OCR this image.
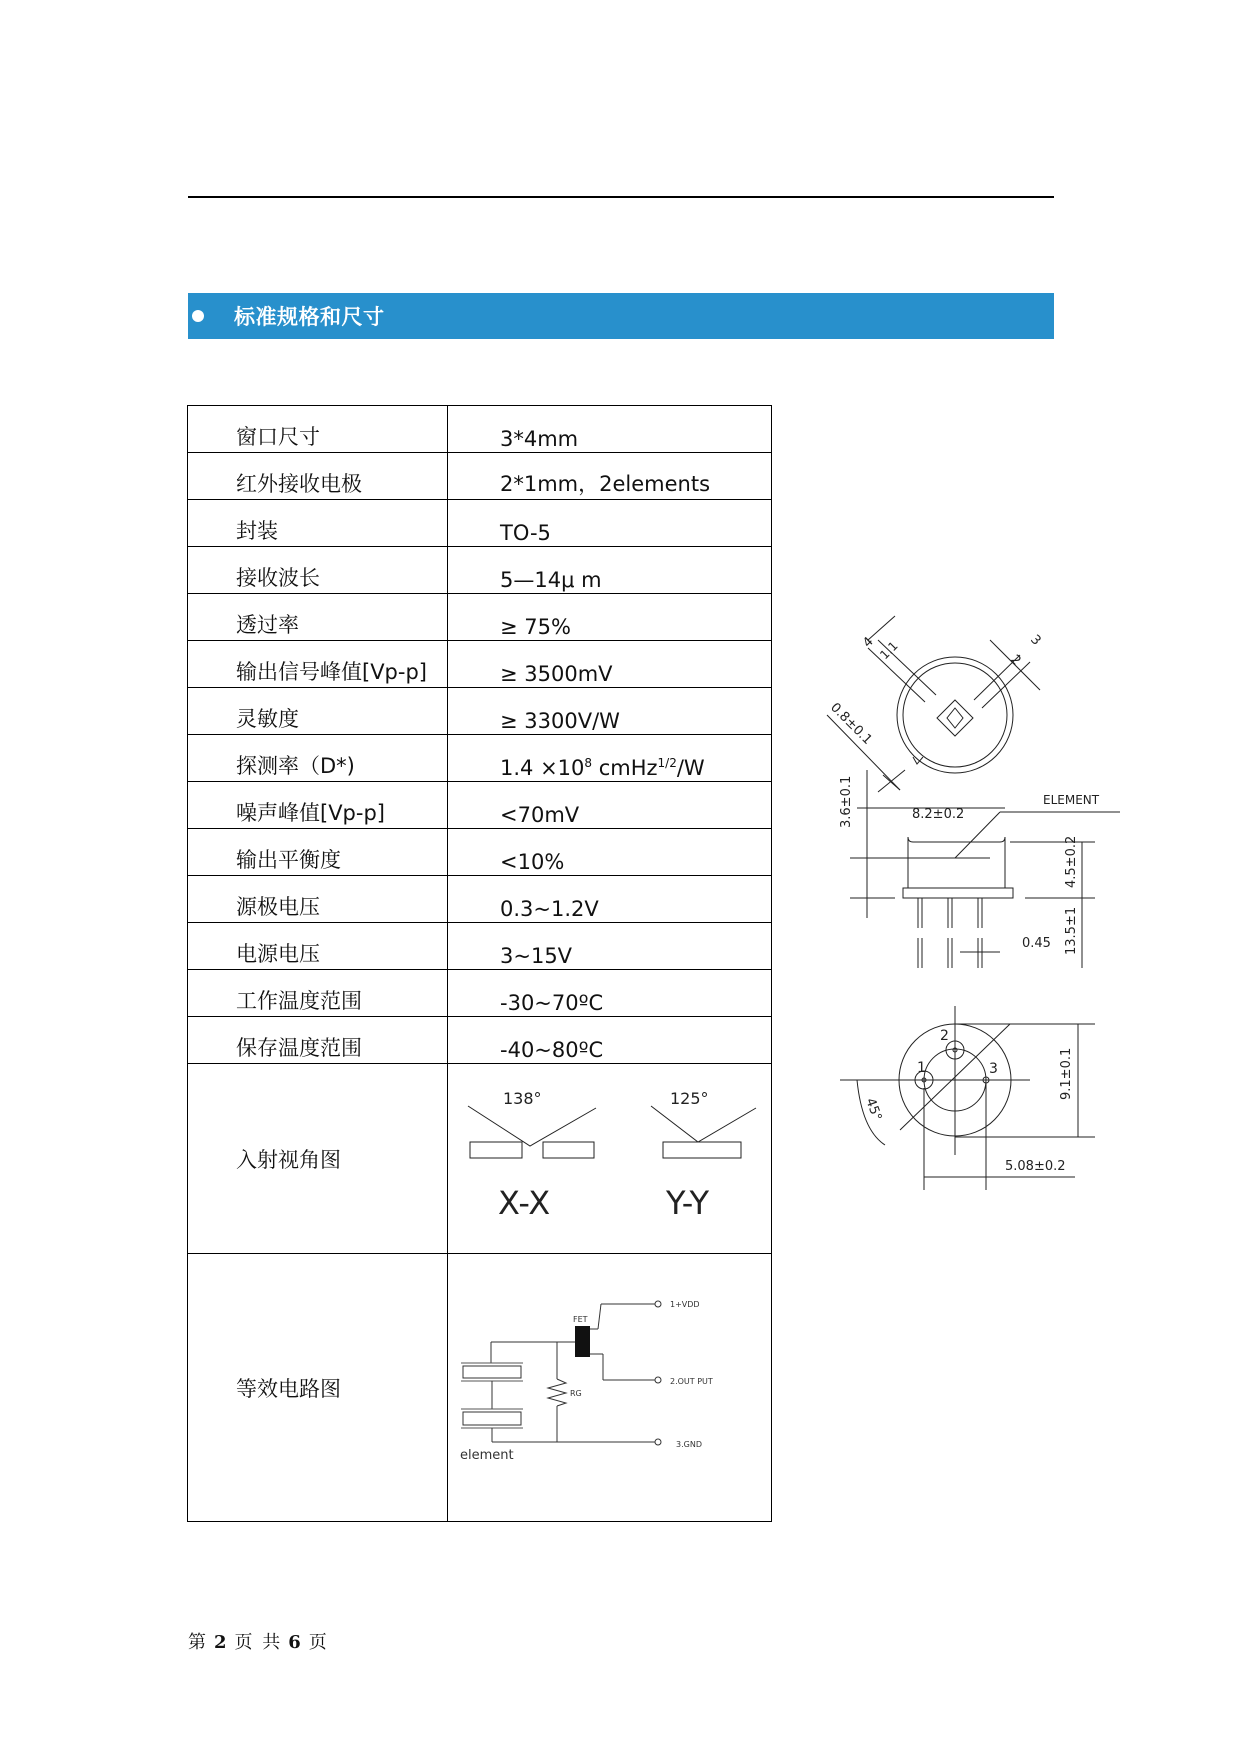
标准规格和尺寸
窗口尺寸	3*4mm

红外接收电极	2*1mm，2elements

封装	TO-5

接收波长	5—14μ m

透过率	≥ 75%

输出信号峰值[Vp-p]	≥ 3500mV

灵敏度	≥ 3300V/W

探测率（D*)	$1.4 \times 10^8$ cmHz$^{1/2}$/W

噪声峰值[Vp-p]	<70mV

输出平衡度	<10%

源极电压	0.3~1.2V

电源电压	3~15V

工作温度范围	-30~70ºC

保存温度范围	-40~80ºC

入射视角图	138°
X-X
125°
Y-Y

等效电路图	
1+VDD
FET
2.OUT PUT
RG
3.GND
element
4 1.1	2
3
0.8±0.1
8.2±0.2
ELEMENT
3.6±0.1
4.5±0.2
13.5±1
0.45
2
1	3	9.1±0.1
5.08±0.2
45°
第 2 页 共 6 页
